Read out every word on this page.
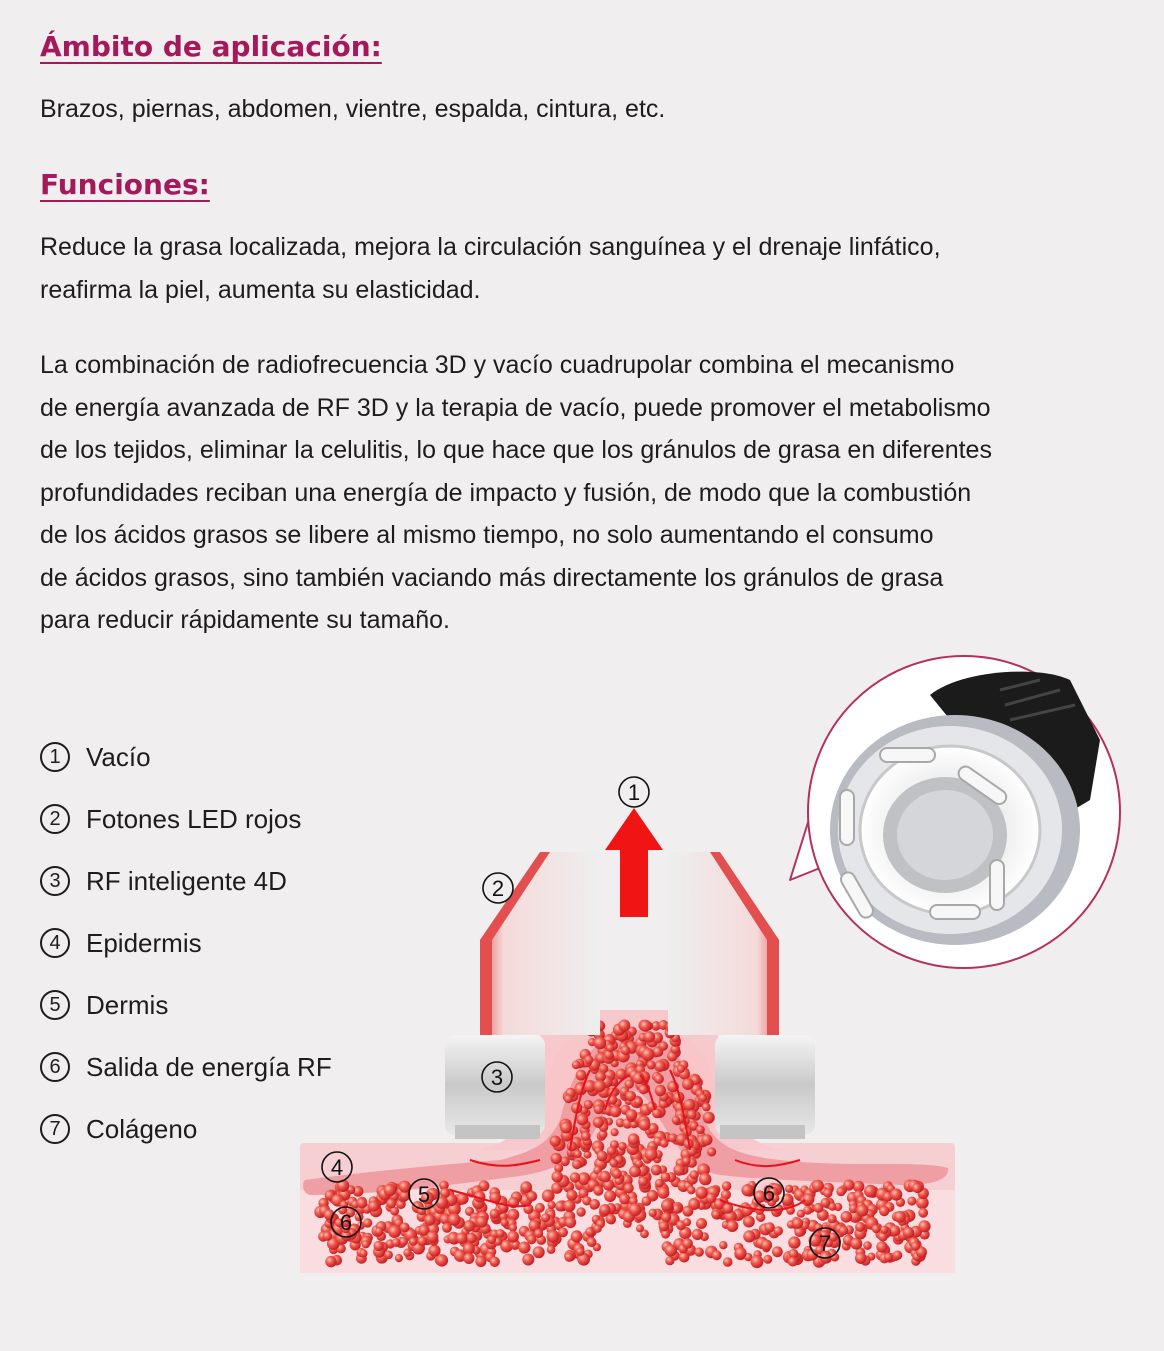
Ámbito de aplicación:

Brazos, piernas, abdomen, vientre, espalda, cintura, etc.

Funciones:

Reduce la grasa localizada, mejora la circulación sanguínea y el drenaje linfático,
reafirma la piel, aumenta su elasticidad.

La combinación de radiofrecuencia 3D y vacío cuadrupolar combina el mecanismo
de energía avanzada de RF 3D y la terapia de vacío, puede promover el metabolismo
de los tejidos, eliminar la celulitis, lo que hace que los gránulos de grasa en diferentes
profundidades reciban una energía de impacto y fusión, de modo que la combustión
de los ácidos grasos se libere al mismo tiempo, no solo aumentando el consumo
de ácidos grasos, sino también vaciando más directamente los gránulos de grasa
para reducir rápidamente su tamaño.

1 Vacío
2 Fotones LED rojos
3 RF inteligente 4D
4 Epidermis
5 Dermis
6 Salida de energía RF
7 Colágeno
1
2
3
4
5
6
6
7
